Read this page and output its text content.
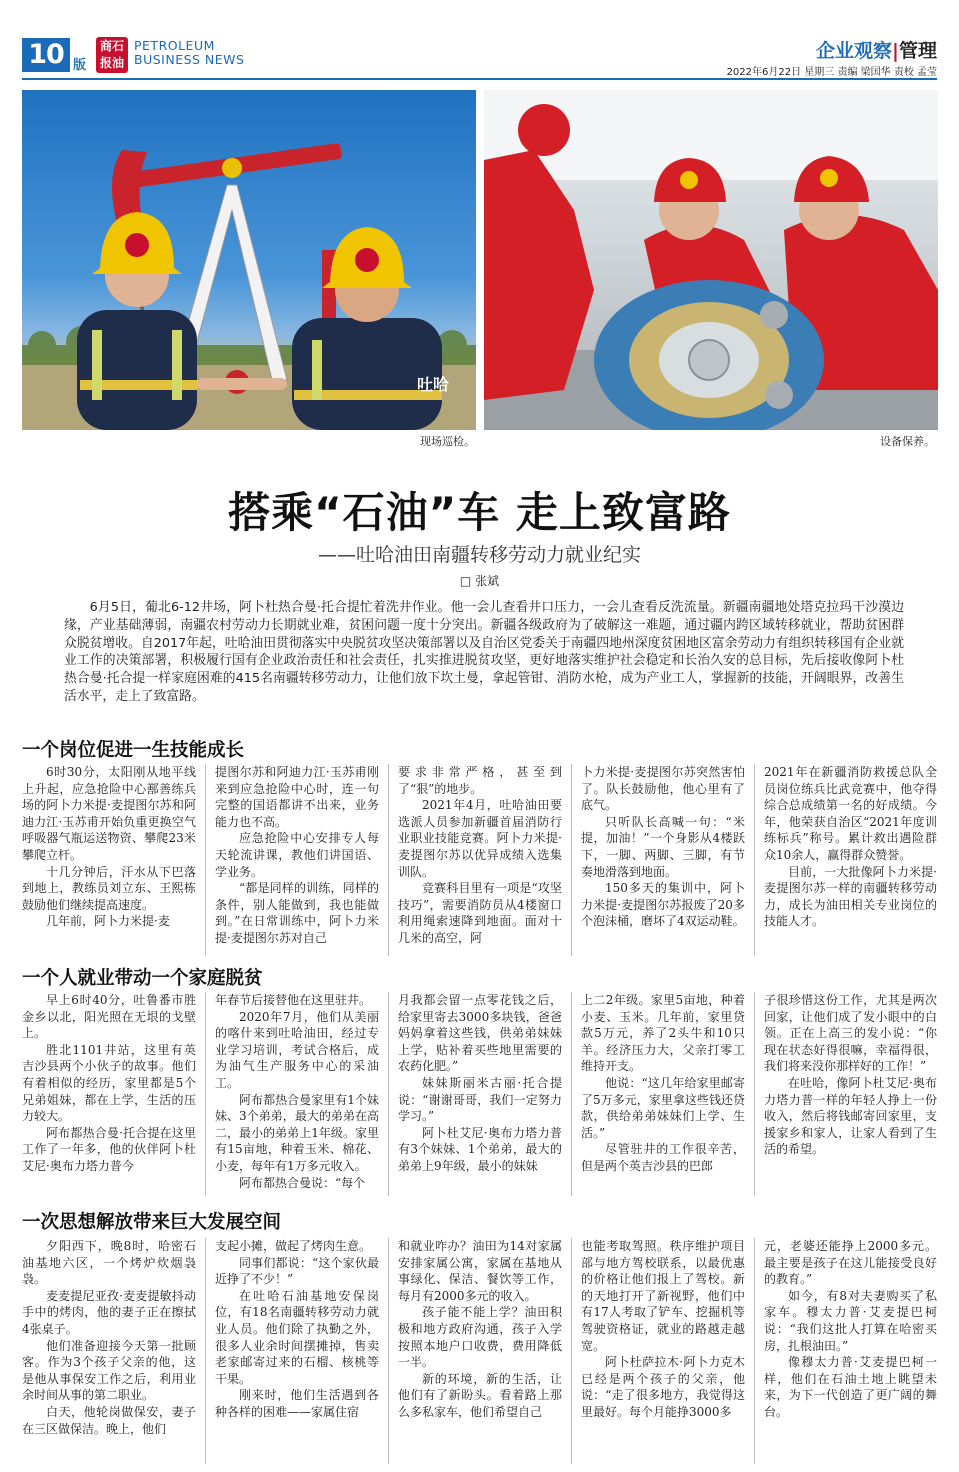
10 版
商石
报油
PETROLEUM
BUSINESS NEWS	企业观察|管理
2022年6月22日 星期三 责编 梁国华 责校 孟莹
吐哈
现场巡检。	设备保养。
搭乘“石油”车 走上致富路
——吐哈油田南疆转移劳动力就业纪实
□ 张斌

6月5日，葡北6-12井场，阿卜杜热合曼·托合提忙着洗井作业。他一会儿查看井口压力，一会儿查看反洗流量。新疆南疆地处塔克拉玛干沙漠边缘，产业基础薄弱，南疆农村劳动力长期就业难，贫困问题一度十分突出。新疆各级政府为了破解这一难题，通过疆内跨区域转移就业，帮助贫困群众脱贫增收。自2017年起，吐哈油田贯彻落实中央脱贫攻坚决策部署以及自治区党委关于南疆四地州深度贫困地区富余劳动力有组织转移国有企业就业工作的决策部署，积极履行国有企业政治责任和社会责任，扎实推进脱贫攻坚，更好地落实维护社会稳定和长治久安的总目标，先后接收像阿卜杜热合曼·托合提一样家庭困难的415名南疆转移劳动力，让他们放下坎土曼，拿起管钳、消防水枪，成为产业工人，掌握新的技能，开阔眼界，改善生活水平，走上了致富路。

一个岗位促进一生技能成长

6时30分，太阳刚从地平线上升起，应急抢险中心鄯善练兵场的阿卜力米提·麦提图尔苏和阿迪力江·玉苏甫开始负重更换空气呼吸器气瓶运送物资、攀爬23米攀爬立杆。

十几分钟后，汗水从下巴落到地上，教练员刘立东、王熙栋鼓励他们继续提高速度。

几年前，阿卜力米提·麦

提图尔苏和阿迪力江·玉苏甫刚来到应急抢险中心时，连一句完整的国语都讲不出来，业务能力也不高。

应急抢险中心安排专人每天轮流讲课，教他们讲国语、学业务。

“都是同样的训练，同样的条件，别人能做到，我也能做到。”在日常训练中，阿卜力米提·麦提图尔苏对自己

要求非常严格，甚至到了“狠”的地步。

2021年4月，吐哈油田要选派人员参加新疆首届消防行业职业技能竞赛。阿卜力米提·麦提图尔苏以优异成绩入选集训队。

竞赛科目里有一项是“攻坚技巧”，需要消防员从4楼窗口利用绳索速降到地面。面对十几米的高空，阿

卜力米提·麦提图尔苏突然害怕了。队长鼓励他，他心里有了底气。

只听队长高喊一句：“米提，加油！”一个身影从4楼跃下，一脚、两脚、三脚，有节奏地滑落到地面。

150多天的集训中，阿卜力米提·麦提图尔苏报废了20多个泡沫桶，磨坏了4双运动鞋。

2021年在新疆消防救援总队全员岗位练兵比武竞赛中，他夺得综合总成绩第一名的好成绩。今年，他荣获自治区“2021年度训练标兵”称号。累计救出遇险群众10余人，赢得群众赞誉。

目前，一大批像阿卜力米提·麦提图尔苏一样的南疆转移劳动力，成长为油田相关专业岗位的技能人才。

一个人就业带动一个家庭脱贫

早上6时40分，吐鲁番市胜金乡以北，阳光照在无垠的戈壁上。

胜北1101井站，这里有英吉沙县两个小伙子的故事。他们有着相似的经历，家里都是5个兄弟姐妹，都在上学，生活的压力较大。

阿布都热合曼·托合提在这里工作了一年多，他的伙伴阿卜杜艾尼·奥布力塔力普今

年春节后接替他在这里驻井。

2020年7月，他们从美丽的喀什来到吐哈油田，经过专业学习培训，考试合格后，成为油气生产服务中心的采油工。

阿布都热合曼家里有1个妹妹、3个弟弟，最大的弟弟在高二，最小的弟弟上1年级。家里有15亩地，种着玉米、棉花、小麦，每年有1万多元收入。

阿布都热合曼说：“每个

月我都会留一点零花钱之后，给家里寄去3000多块钱，爸爸妈妈拿着这些钱，供弟弟妹妹上学，贴补着买些地里需要的农药化肥。”

妹妹斯丽米古丽·托合提说：“谢谢哥哥，我们一定努力学习。”

阿卜杜艾尼·奥布力塔力普有3个妹妹、1个弟弟，最大的弟弟上9年级，最小的妹妹

上二2年级。家里5亩地，种着小麦、玉米。几年前，家里贷款5万元，养了2头牛和10只羊。经济压力大，父亲打零工维持开支。

他说：“这几年给家里邮寄了5万多元，家里拿这些钱还贷款，供给弟弟妹妹们上学、生活。”

尽管驻井的工作很辛苦，但是两个英吉沙县的巴郎

子很珍惜这份工作，尤其是两次回家，让他们成了发小眼中的白领。正在上高三的发小说：“你现在状态好得很嘛，幸福得很，我们将来没你那样好的工作！”

在吐哈，像阿卜杜艾尼·奥布力塔力普一样的年轻人挣上一份收入，然后将钱邮寄回家里，支援家乡和家人，让家人看到了生活的希望。

一次思想解放带来巨大发展空间

夕阳西下，晚8时，哈密石油基地六区，一个烤炉炊烟袅袅。

麦麦提尼亚孜·麦麦提敏抖动手中的烤肉，他的妻子正在擦拭4张桌子。

他们准备迎接今天第一批顾客。作为3个孩子父亲的他，这是他从事保安工作之后，利用业余时间从事的第二职业。

白天，他轮岗做保安，妻子在三区做保洁。晚上，他们

支起小摊，做起了烤肉生意。

同事们都说：“这个家伙最近挣了不少！”

在吐哈石油基地安保岗位，有18名南疆转移劳动力就业人员。他们除了执勤之外，很多人业余时间摆摊掉，售卖老家邮寄过来的石榴、核桃等干果。

刚来时，他们生活遇到各种各样的困难——家属住宿

和就业咋办？油田为14对家属安排家属公寓，家属在基地从事绿化、保洁、餐饮等工作，每月有2000多元的收入。

孩子能不能上学？油田积极和地方政府沟通，孩子入学按照本地户口收费，费用降低一半。

新的环境，新的生活，让他们有了新盼头。看着路上那么多私家车，他们希望自己

也能考取驾照。秩序维护项目部与地方驾校联系，以最优惠的价格让他们报上了驾校。新的天地打开了新视野，他们中有17人考取了铲车、挖掘机等驾驶资格证，就业的路越走越宽。

阿卜杜萨拉木·阿卜力克木已经是两个孩子的父亲，他说：“走了很多地方，我觉得这里最好。每个月能挣3000多

元，老婆还能挣上2000多元。最主要是孩子在这儿能接受良好的教育。”

如今，有8对夫妻购买了私家车。穆太力普·艾麦提巴柯说：“我们这批人打算在哈密买房，扎根油田。”

像穆太力普·艾麦提巴柯一样，他们在石油土地上眺望未来，为下一代创造了更广阔的舞台。
